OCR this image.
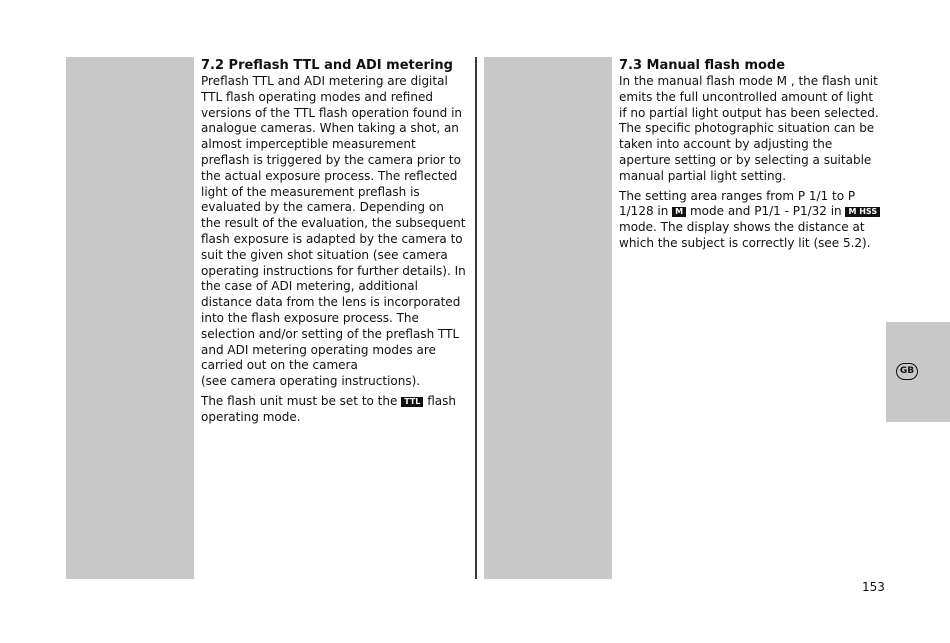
7.2 Preflash TTL and ADI metering

Preflash TTL and ADI metering are digital TTL flash operating modes and refined versions of the TTL flash operation found in analogue cameras. When taking a shot, an almost imperceptible measurement preflash is triggered by the camera prior to the actual exposure process. The reflected light of the measurement preflash is evaluated by the camera. Depending on the result of the evaluation, the subsequent flash exposure is adapted by the camera to suit the given shot situation (see camera operating instructions for further details). In the case of ADI metering, additional distance data from the lens is incorporated into the flash exposure process. The selection and/or setting of the preflash TTL and ADI metering operating modes are carried out on the camera
(see camera operating instructions).

The flash unit must be set to the TTL flash operating mode.

7.3 Manual flash mode

In the manual flash mode M , the flash unit emits the full uncontrolled amount of light if no partial light output has been selected. The specific photographic situation can be taken into account by adjusting the aperture setting or by selecting a suitable manual partial light setting.

The setting area ranges from P 1/1 to P 1/128 in M mode and P1/1 - P1/32 in M HSS mode. The display shows the distance at which the subject is correctly lit (see 5.2).

GB
153
